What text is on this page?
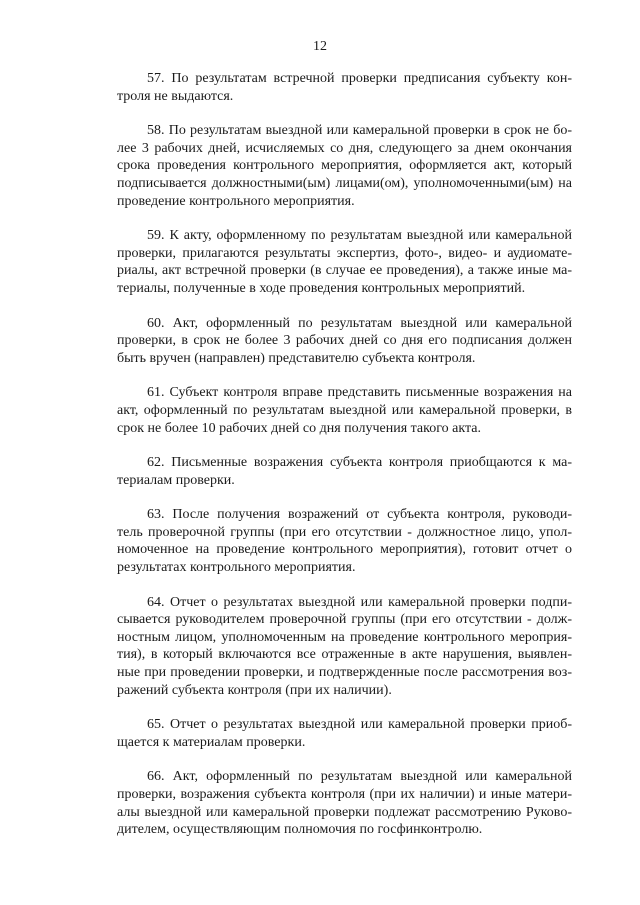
12

57. По результатам встречной проверки предписания субъекту кон-
троля не выдаются.

58. По результатам выездной или камеральной проверки в срок не бо-
лее 3 рабочих дней, исчисляемых со дня, следующего за днем окончания
срока проведения контрольного мероприятия, оформляется акт, который
подписывается должностными(ым) лицами(ом), уполномоченными(ым) на
проведение контрольного мероприятия.

59. К акту, оформленному по результатам выездной или камеральной
проверки, прилагаются результаты экспертиз, фото-, видео- и аудиомате-
риалы, акт встречной проверки (в случае ее проведения), а также иные ма-
териалы, полученные в ходе проведения контрольных мероприятий.

60. Акт, оформленный по результатам выездной или камеральной
проверки, в срок не более 3 рабочих дней со дня его подписания должен
быть вручен (направлен) представителю субъекта контроля.

61. Субъект контроля вправе представить письменные возражения на
акт, оформленный по результатам выездной или камеральной проверки, в
срок не более 10 рабочих дней со дня получения такого акта.

62. Письменные возражения субъекта контроля приобщаются к ма-
териалам проверки.

63. После получения возражений от субъекта контроля, руководи-
тель проверочной группы (при его отсутствии - должностное лицо, упол-
номоченное на проведение контрольного мероприятия), готовит отчет о
результатах контрольного мероприятия.

64. Отчет о результатах выездной или камеральной проверки подпи-
сывается руководителем проверочной группы (при его отсутствии - долж-
ностным лицом, уполномоченным на проведение контрольного мероприя-
тия), в который включаются все отраженные в акте нарушения, выявлен-
ные при проведении проверки, и подтвержденные после рассмотрения воз-
ражений субъекта контроля (при их наличии).

65. Отчет о результатах выездной или камеральной проверки приоб-
щается к материалам проверки.

66. Акт, оформленный по результатам выездной или камеральной
проверки, возражения субъекта контроля (при их наличии) и иные матери-
алы выездной или камеральной проверки подлежат рассмотрению Руково-
дителем, осуществляющим полномочия по госфинконтролю.
